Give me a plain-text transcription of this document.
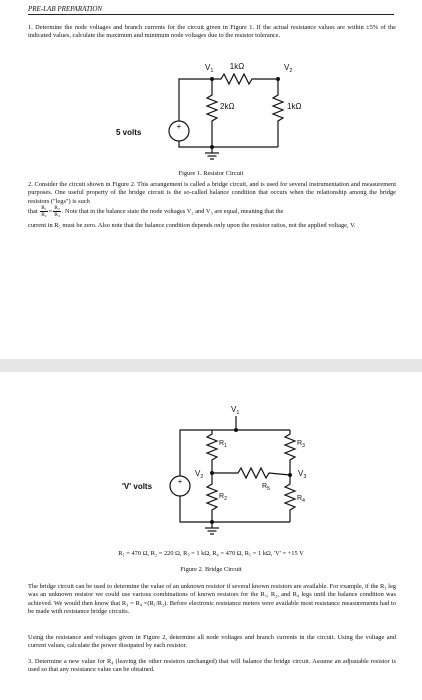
PRE-LAB PREPARATION
1. Determine the node voltages and branch currents for the circuit given in Figure 1. If the actual resistance values are within ±5% of the indicated values, calculate the maximum and minimum node voltages due to the resistor tolerance.
+
5 volts
$V_1$	$V_2$
1kΩ
2kΩ	1kΩ
Figure 1. Resistor Circuit
2. Consider the circuit shown in Figure 2. This arrangement is called a bridge circuit, and is used for several instrumentation and measurement purposes. One useful property of the bridge circuit is the so-called balance condition that occurs when the relationship among the bridge resistors ("legs") is such
that $\frac{\text{R₁}}{\text{R₂}}= \frac{\text{R₃}}{\text{R₄}}$. Note that in the balance state the node voltages V₂ and V₃ are equal, meaning that the
current in R₅ must be zero. Also note that the balance condition depends only upon the resistor ratios, not the applied voltage, V.
+
'V' volts
$V_1$
$V_2$	$V_3$
$R_1$
$R_2$
$R_3$
$R_4$
$R_5$
R₁ = 470 Ω, R₂ = 220 Ω, R₃ = 1 kΩ, R₄ = 470 Ω, R₅ = 1 kΩ, 'V' = +15 V
Figure 2. Bridge Circuit
The bridge circuit can be used to determine the value of an unknown resistor if several known resistors are available. For example, if the R₃ leg was an unknown resistor we could use various combinations of known resistors for the R₁, R₂, and R₄ legs until the balance condition was achieved. We would then know that R₃ = R₄ ×(R₁/R₂). Before electronic resistance meters were available most resistance measurements had to be made with resistance bridge circuits.
Using the resistance and voltages given in Figure 2, determine all node voltages and branch currents in the circuit. Using the voltage and current values, calculate the power dissipated by each resistor.
3. Determine a new value for R₄ (leaving the other resistors unchanged) that will balance the bridge circuit. Assume an adjustable resistor is used so that any resistance value can be obtained.
